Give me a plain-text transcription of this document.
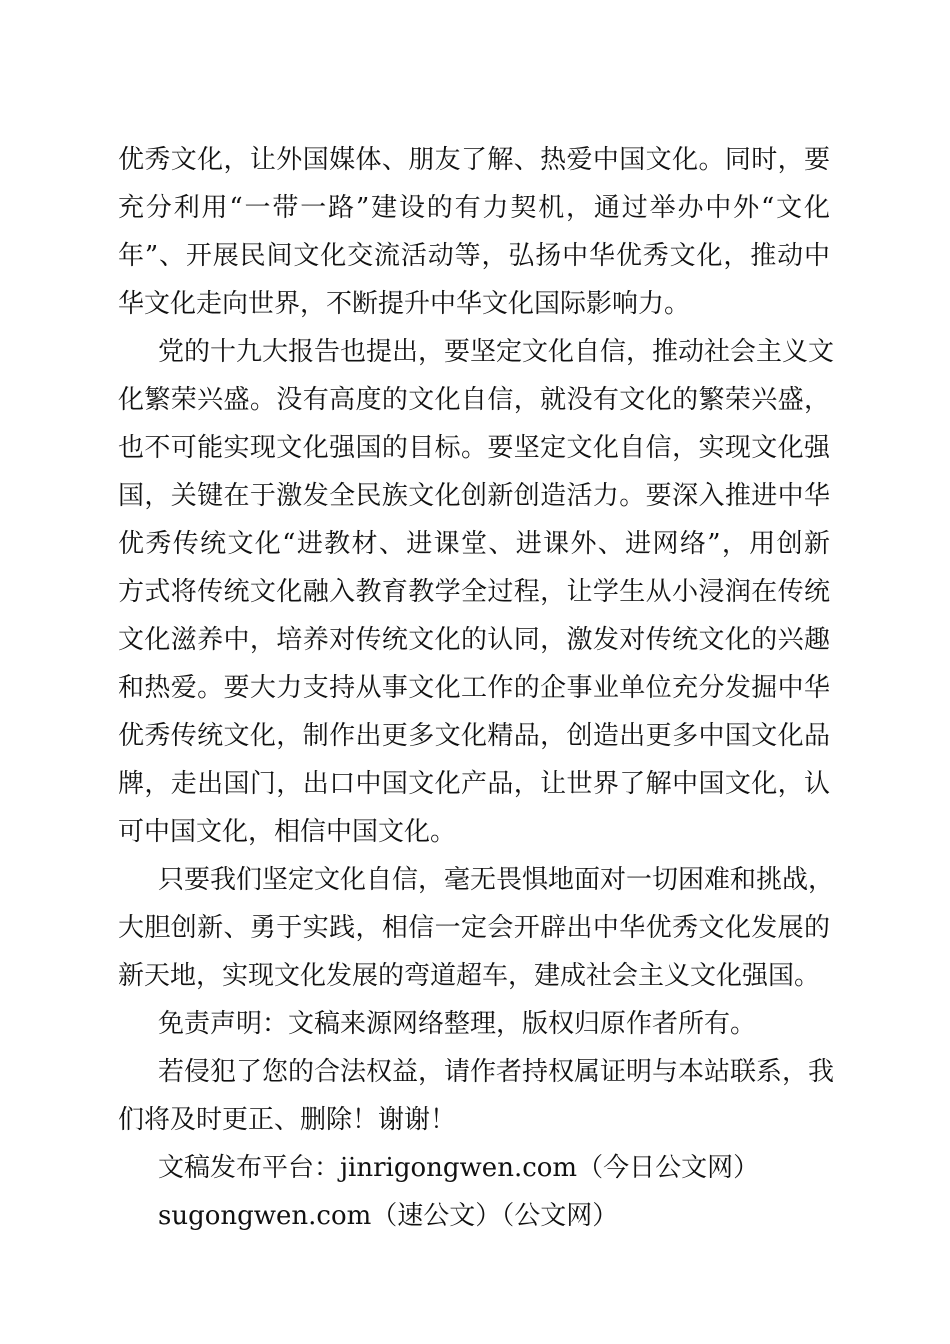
优秀文化，让外国媒体、朋友了解、热爱中国文化。同时，要
充分利用“一带一路”建设的有力契机，通过举办中外“文化
年”、开展民间文化交流活动等，弘扬中华优秀文化，推动中
华文化走向世界，不断提升中华文化国际影响力。
党的十九大报告也提出，要坚定文化自信，推动社会主义文
化繁荣兴盛。没有高度的文化自信，就没有文化的繁荣兴盛，
也不可能实现文化强国的目标。要坚定文化自信，实现文化强
国，关键在于激发全民族文化创新创造活力。要深入推进中华
优秀传统文化“进教材、进课堂、进课外、进网络”，用创新
方式将传统文化融入教育教学全过程，让学生从小浸润在传统
文化滋养中，培养对传统文化的认同，激发对传统文化的兴趣
和热爱。要大力支持从事文化工作的企事业单位充分发掘中华
优秀传统文化，制作出更多文化精品，创造出更多中国文化品
牌，走出国门，出口中国文化产品，让世界了解中国文化，认
可中国文化，相信中国文化。
只要我们坚定文化自信，毫无畏惧地面对一切困难和挑战，
大胆创新、勇于实践，相信一定会开辟出中华优秀文化发展的
新天地，实现文化发展的弯道超车，建成社会主义文化强国。
免责声明：文稿来源网络整理，版权归原作者所有。
若侵犯了您的合法权益，请作者持权属证明与本站联系，我
们将及时更正、删除！谢谢！
文稿发布平台：jinrigongwen.com（今日公文网）
sugongwen.com（速公文）（公文网）
